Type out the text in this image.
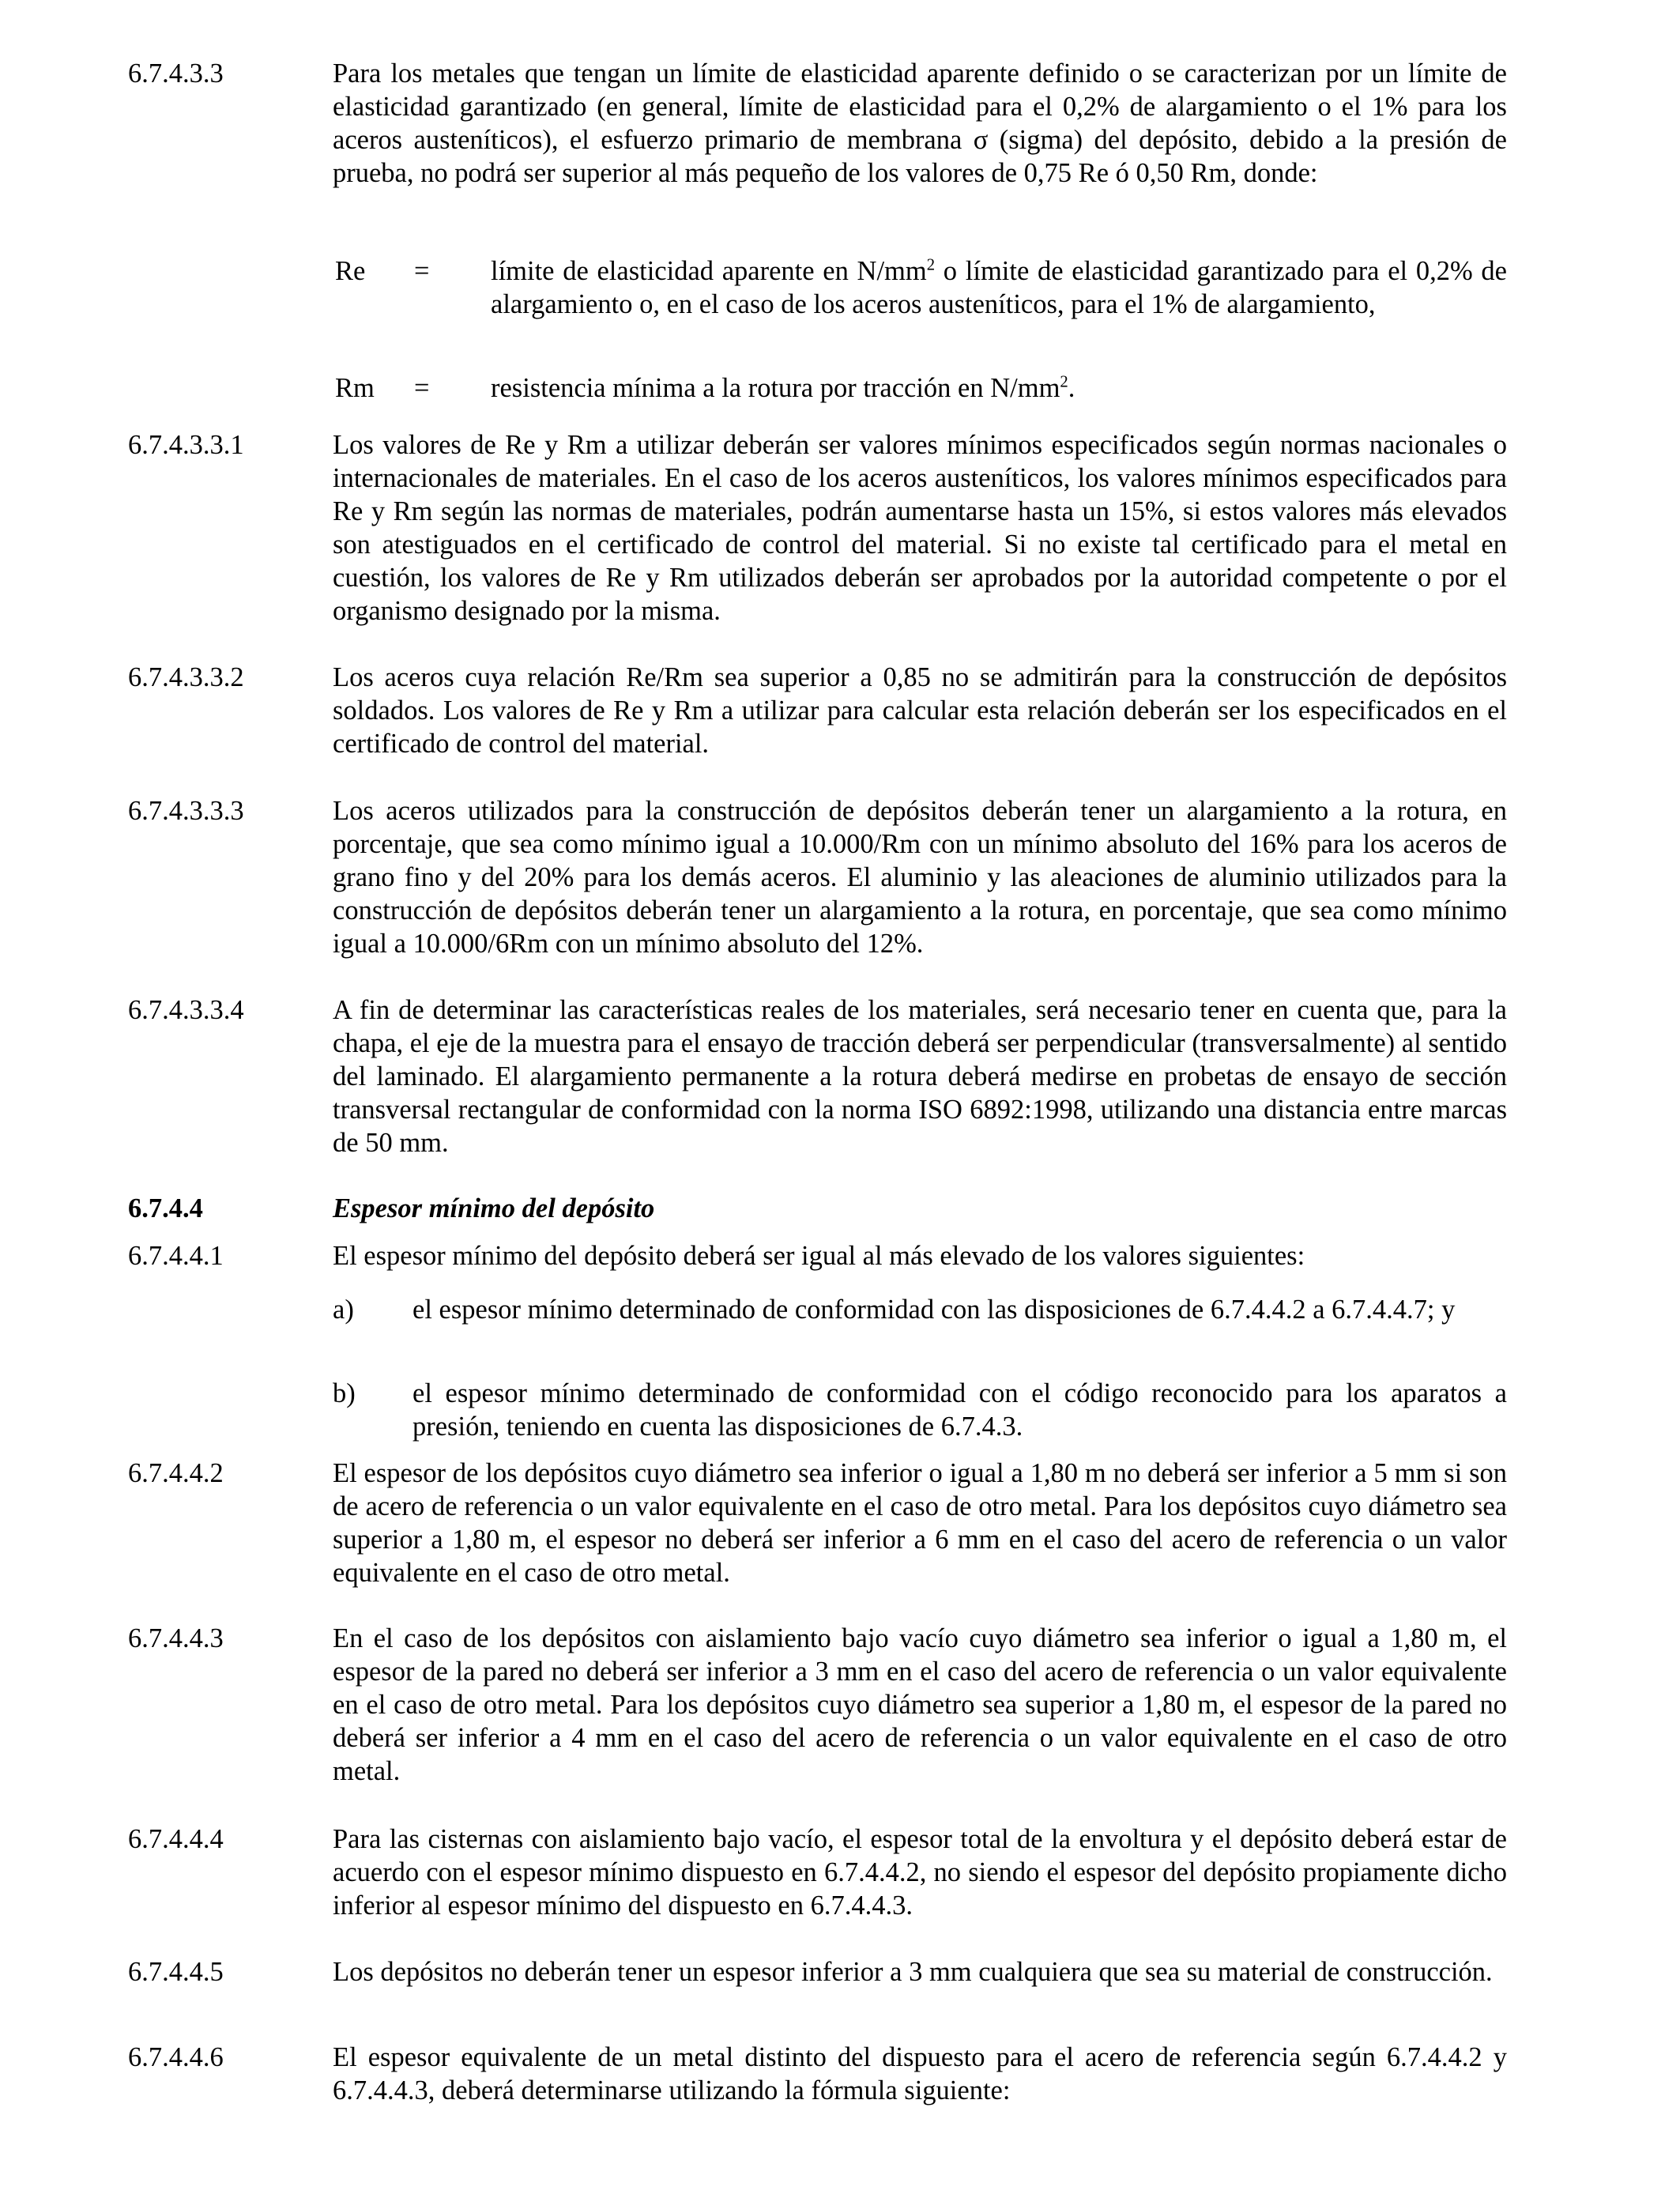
6.7.4.3.3	Para los metales que tengan un límite de elasticidad aparente definido o se caracterizan por un límite de elasticidad garantizado (en general, límite de elasticidad para el 0,2% de alargamiento o el 1% para los aceros austeníticos), el esfuerzo primario de membrana σ (sigma) del depósito, debido a la presión de prueba, no podrá ser superior al más pequeño de los valores de 0,75 Re ó 0,50 Rm, donde:
Re = límite de elasticidad aparente en $N/mm^2$ o límite de elasticidad garantizado para el 0,2% de alargamiento o, en el caso de los aceros austeníticos, para el 1% de alargamiento,
Rm = resistencia mínima a la rotura por tracción en $N/mm^2$.
6.7.4.3.3.1	Los valores de Re y Rm a utilizar deberán ser valores mínimos especificados según normas nacionales o internacionales de materiales. En el caso de los aceros austeníticos, los valores mínimos especificados para Re y Rm según las normas de materiales, podrán aumentarse hasta un 15%, si estos valores más elevados son atestiguados en el certificado de control del material. Si no existe tal certificado para el metal en cuestión, los valores de Re y Rm utilizados deberán ser aprobados por la autoridad competente o por el organismo designado por la misma.
6.7.4.3.3.2	Los aceros cuya relación Re/Rm sea superior a 0,85 no se admitirán para la construcción de depósitos soldados. Los valores de Re y Rm a utilizar para calcular esta relación deberán ser los especificados en el certificado de control del material.
6.7.4.3.3.3	Los aceros utilizados para la construcción de depósitos deberán tener un alargamiento a la rotura, en porcentaje, que sea como mínimo igual a 10.000/Rm con un mínimo absoluto del 16% para los aceros de grano fino y del 20% para los demás aceros. El aluminio y las aleaciones de aluminio utilizados para la construcción de depósitos deberán tener un alargamiento a la rotura, en porcentaje, que sea como mínimo igual a 10.000/6Rm con un mínimo absoluto del 12%.
6.7.4.3.3.4	A fin de determinar las características reales de los materiales, será necesario tener en cuenta que, para la chapa, el eje de la muestra para el ensayo de tracción deberá ser perpendicular (transversalmente) al sentido del laminado. El alargamiento permanente a la rotura deberá medirse en probetas de ensayo de sección transversal rectangular de conformidad con la norma ISO 6892:1998, utilizando una distancia entre marcas de 50 mm.
6.7.4.4	Espesor mínimo del depósito
6.7.4.4.1	El espesor mínimo del depósito deberá ser igual al más elevado de los valores siguientes:
a) el espesor mínimo determinado de conformidad con las disposiciones de 6.7.4.4.2 a 6.7.4.4.7; y
b) el espesor mínimo determinado de conformidad con el código reconocido para los aparatos a presión, teniendo en cuenta las disposiciones de 6.7.4.3.
6.7.4.4.2	El espesor de los depósitos cuyo diámetro sea inferior o igual a 1,80 m no deberá ser inferior a 5 mm si son de acero de referencia o un valor equivalente en el caso de otro metal. Para los depósitos cuyo diámetro sea superior a 1,80 m, el espesor no deberá ser inferior a 6 mm en el caso del acero de referencia o un valor equivalente en el caso de otro metal.
6.7.4.4.3	En el caso de los depósitos con aislamiento bajo vacío cuyo diámetro sea inferior o igual a 1,80 m, el espesor de la pared no deberá ser inferior a 3 mm en el caso del acero de referencia o un valor equivalente en el caso de otro metal. Para los depósitos cuyo diámetro sea superior a 1,80 m, el espesor de la pared no deberá ser inferior a 4 mm en el caso del acero de referencia o un valor equivalente en el caso de otro metal.
6.7.4.4.4	Para las cisternas con aislamiento bajo vacío, el espesor total de la envoltura y el depósito deberá estar de acuerdo con el espesor mínimo dispuesto en 6.7.4.4.2, no siendo el espesor del depósito propiamente dicho inferior al espesor mínimo del dispuesto en 6.7.4.4.3.
6.7.4.4.5	Los depósitos no deberán tener un espesor inferior a 3 mm cualquiera que sea su material de construcción.
6.7.4.4.6	El espesor equivalente de un metal distinto del dispuesto para el acero de referencia según 6.7.4.4.2 y 6.7.4.4.3, deberá determinarse utilizando la fórmula siguiente:
